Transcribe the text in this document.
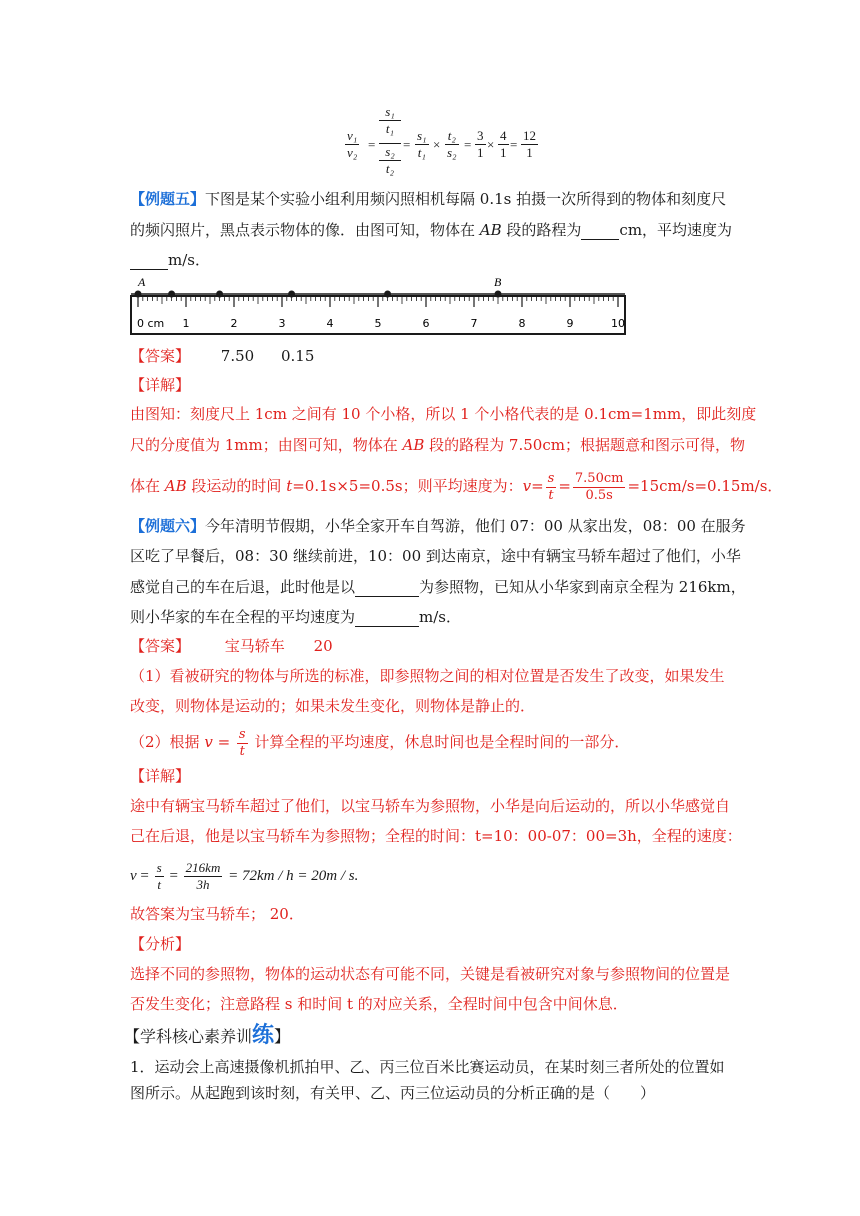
$\frac{\text{v₁}}{\text{v₂}}$ =
s₁
t₁
s₂
t₂
= $\frac{\text{s₁}}{\text{t₁}} \times \frac{\text{t₂}}{\text{s₂}} = \frac{3}{1} \times \frac{4}{1} = \frac{12}{1}$
【例题五】下图是某个实验小组利用频闪照相机每隔 0.1s 拍摄一次所得到的物体和刻度尺
的频闪照片，黑点表示物体的像．由图可知，物体在 AB 段的路程为	cm，平均速度为
m/s．
0 cm 1	2	3	4	5	6	7	8	9	10
A	B
【答案】 7.50 0.15
【详解】
由图知：刻度尺上 1cm 之间有 10 个小格，所以 1 个小格代表的是 0.1cm=1mm，即此刻度
尺的分度值为 1mm；由图可知，物体在 AB 段的路程为 7.50cm；根据题意和图示可得，物
体在 AB 段运动的时间 t=0.1s×5=0.5s；则平均速度为：$v= \frac{s}{t} = \frac{7.50cm}{0.5s} =15cm/s=0.15m/s$．
【例题六】今年清明节假期，小华全家开车自驾游，他们 07：00 从家出发，08：00 在服务
区吃了早餐后，08：30 继续前进，10：00 到达南京，途中有辆宝马轿车超过了他们，小华
感觉自己的车在后退，此时他是以	为参照物，已知从小华家到南京全程为 216km，
则小华家的车在全程的平均速度为	m/s．
【答案】 宝马轿车 20
（1）看被研究的物体与所选的标准，即参照物之间的相对位置是否发生了改变，如果发生
改变，则物体是运动的；如果未发生变化，则物体是静止的．
（2）根据 $v = \frac{s}{t}$ 计算全程的平均速度，休息时间也是全程时间的一部分．
【详解】
途中有辆宝马轿车超过了他们，以宝马轿车为参照物，小华是向后运动的，所以小华感觉自
己在后退，他是以宝马轿车为参照物；全程的时间：t=10：00-07：00=3h，全程的速度：
$v = \frac{s}{t} = \frac{216km}{3h} = 72km / h = 20m / s$.
故答案为宝马轿车； 20．
【分析】
选择不同的参照物，物体的运动状态有可能不同，关键是看被研究对象与参照物间的位置是
否发生变化；注意路程 s 和时间 t 的对应关系，全程时间中包含中间休息．
【学科核心素养训练】
1．运动会上高速摄像机抓拍甲、乙、丙三位百米比赛运动员，在某时刻三者所处的位置如
图所示。从起跑到该时刻，有关甲、乙、丙三位运动员的分析正确的是（　　）
